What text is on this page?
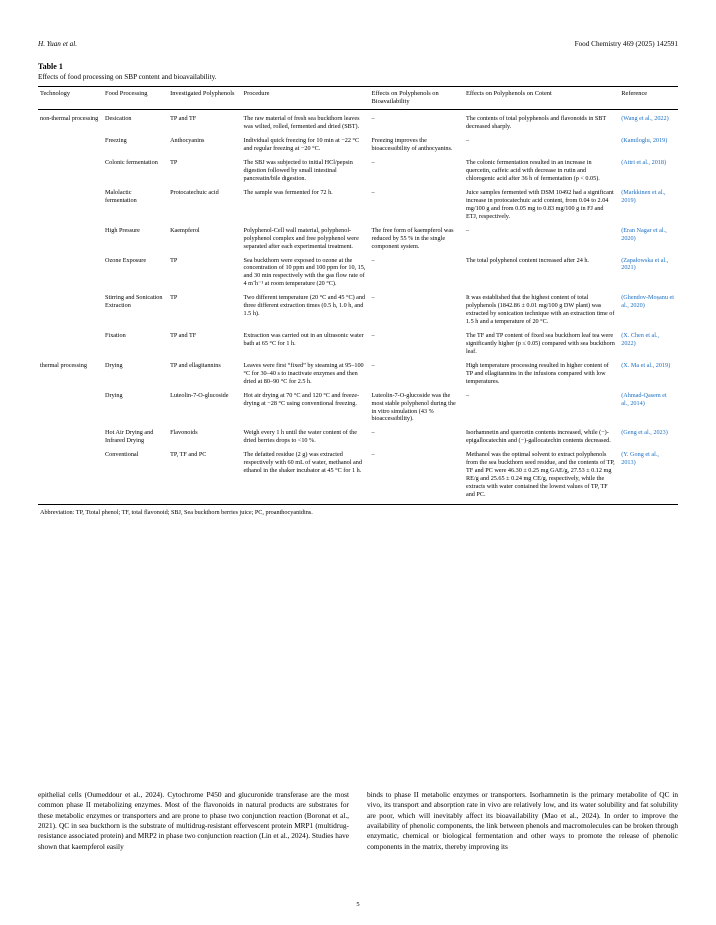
H. Yuan et al.	Food Chemistry 469 (2025) 142591
Table 1
Effects of food processing on SBP content and bioavailability.
Technology	Food Processing	Investigated Polyphenols	Procedure	Effects on Polyphenols on Bioavailability	Effects on Polyphenols on Cotent	Reference
non-thermal processing	Desication	TP and TF	The raw material of fresh sea buckthorn leaves was wilted, rolled, fermented and dried (SBT).	–	The contents of total polyphenols and flavonoids in SBT decreased sharply.	(Wang et al., 2022)
	Freezing	Anthocyanins	Individual quick freezing for 10 min at −22 °C and regular freezing at −20 °C.	Freezing improves the bioaccessibility of anthocyanins.	–	(Kamiloglu, 2019)
	Colonic fermentation	TP	The SBJ was subjected to initial HCl/pepsin digestion followed by small intestinal pancreatin/bile digestion.	–	The colonic fermentation resulted in an increase in quercetin, caffeic acid with decrease in rutin and chlorogenic acid after 36 h of fermentation (p < 0.05).	(Attri et al., 2018)
	Malolactic fermentation	Protocatechuic acid	The sample was fermented for 72 h.	–	Juice samples fermented with DSM 10492 had a significant increase in protocatechuic acid content, from 0.04 to 2.04 mg/100 g and from 0.05 mg to 0.83 mg/100 g in FJ and ETJ, respectively.	(Markkinen et al., 2019)
	High Pressure	Kaempferol	Polyphenol-Cell wall material, polyphenol-polyphenol complex and free polyphenol were separated after each experimental treatment.	The free form of kaempferol was reduced by 55 % in the single component system.	–	(Eran Nagar et al., 2020)
	Ozone Exposure	TP	Sea buckthorn were exposed to ozone at the concentration of 10 ppm and 100 ppm for 10, 15, and 30 min respectively with the gas flow rate of 4 mˉh⁻¹ at room temperature (20 °C).	–	The total polyphenol content increased after 24 h.	(Zapałowska et al., 2021)
	Stirring and Sonication Extraction	TP	Two different temperature (20 °C and 45 °C) and three different extraction times (0.5 h, 1.0 h, and 1.5 h).	–	It was established that the highest content of total polyphenols (1842.86 ± 0.01 mg/100 g DW plant) was extracted by sonication technique with an extraction time of 1.5 h and a temperature of 20 °C.	(Ghendov-Moșanu et al., 2020)
	Fixation	TP and TF	Extraction was carried out in an ultrasonic water bath at 65 °C for 1 h.	–	The TF and TP content of fixed sea buckthorn leaf tea were significantly higher (p ≤ 0.05) compared with sea buckthorn leaf.	(X. Chen et al., 2022)
thermal processing	Drying	TP and ellagitannins	Leaves were first “fixed” by steaming at 95–100 °C for 30–40 s to inactivate enzymes and then dried at 80–90 °C for 2.5 h.	–	High temperature processing resulted in higher content of TP and ellagitannins in the infusions compared with low temperatures.	(X. Ma et al., 2019)
	Drying	Luteolin-7-O-glucoside	Hot air drying at 70 °C and 120 °C and freeze-drying at −28 °C using conventional freezing.	Luteolin-7-O-glucoside was the most stable polyphenol during the in vitro simulation (43 % bioaccessibility).	–	(Ahmad-Qasem et al., 2014)
	Hot Air Drying and Infrared Drying	Flavonoids	Weigh every 1 h until the water content of the dried berries drops to <10 %.	–	Isorhamnetin and quercetin contents increased, while (−)-epigallocatechin and (−)-gallocatechin contents decreased.	(Geng et al., 2023)
	Conventional	TP, TF and PC	The defatted residue (2 g) was extracted respectively with 60 mL of water, methanol and ethanol in the shaker incubator at 45 °C for 1 h.	–	Methanol was the optimal solvent to extract polyphenols from the sea buckthorn seed residue, and the contents of TP, TF and PC were 46.30 ± 0.25 mg GAE/g, 27.53 ± 0.12 mg RE/g and 25.65 ± 0.24 mg CE/g, respectively, while the extracts with water contained the lowest values of TP, TF and PC.	(Y. Gong et al., 2013)
Abbreviation: TP, Ttotal phenol; TF, total flavonoid; SBJ, Sea buckthorn berries juice; PC, proanthocyanidins.

epithelial cells (Oumeddour et al., 2024). Cytochrome P450 and glucuronide transferase are the most common phase II metabolizing enzymes. Most of the flavonoids in natural products are substrates for these metabolic enzymes or transporters and are prone to phase two conjunction reaction (Boronat et al., 2021). QC in sea buckthorn is the substrate of multidrug-resistant effervescent protein MRP1 (multidrug-resistance associated protein) and MRP2 in phase two conjunction reaction (Lin et al., 2024). Studies have shown that kaempferol easily

binds to phase II metabolic enzymes or transporters. Isorhamnetin is the primary metabolite of QC in vivo, its transport and absorption rate in vivo are relatively low, and its water solubility and fat solubility are poor, which will inevitably affect its bioavailability (Mao et al., 2024). In order to improve the availability of phenolic components, the link between phenols and macromolecules can be broken through enzymatic, chemical or biological fermentation and other ways to promote the release of phenolic components in the matrix, thereby improving its

5
